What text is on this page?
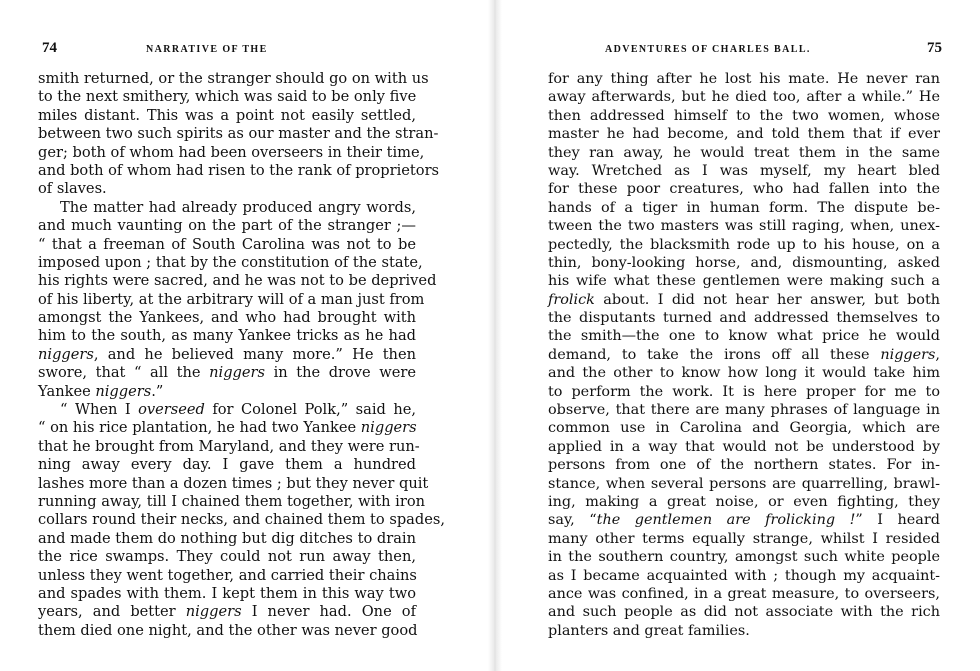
74	NARRATIVE OF THE
smith returned, or the stranger should go on with us
to the next smithery, which was said to be only five
miles distant. This was a point not easily settled,
between two such spirits as our master and the stran-
ger; both of whom had been overseers in their time,
and both of whom had risen to the rank of proprietors
of slaves.
The matter had already produced angry words,
and much vaunting on the part of the stranger ;—
“ that a freeman of South Carolina was not to be
imposed upon ; that by the constitution of the state,
his rights were sacred, and he was not to be deprived
of his liberty, at the arbitrary will of a man just from
amongst the Yankees, and who had brought with
him to the south, as many Yankee tricks as he had
niggers, and he believed many more.” He then
swore, that “ all the niggers in the drove were
Yankee niggers.”
“ When I overseed for Colonel Polk,” said he,
“ on his rice plantation, he had two Yankee niggers
that he brought from Maryland, and they were run-
ning away every day. I gave them a hundred
lashes more than a dozen times ; but they never quit
running away, till I chained them together, with iron
collars round their necks, and chained them to spades,
and made them do nothing but dig ditches to drain
the rice swamps. They could not run away then,
unless they went together, and carried their chains
and spades with them. I kept them in this way two
years, and better niggers I never had. One of
them died one night, and the other was never good
ADVENTURES OF CHARLES BALL.	75
for any thing after he lost his mate. He never ran
away afterwards, but he died too, after a while.” He
then addressed himself to the two women, whose
master he had become, and told them that if ever
they ran away, he would treat them in the same
way. Wretched as I was myself, my heart bled
for these poor creatures, who had fallen into the
hands of a tiger in human form. The dispute be-
tween the two masters was still raging, when, unex-
pectedly, the blacksmith rode up to his house, on a
thin, bony-looking horse, and, dismounting, asked
his wife what these gentlemen were making such a
frolick about. I did not hear her answer, but both
the disputants turned and addressed themselves to
the smith—the one to know what price he would
demand, to take the irons off all these niggers,
and the other to know how long it would take him
to perform the work. It is here proper for me to
observe, that there are many phrases of language in
common use in Carolina and Georgia, which are
applied in a way that would not be understood by
persons from one of the northern states. For in-
stance, when several persons are quarrelling, brawl-
ing, making a great noise, or even fighting, they
say, “the gentlemen are frolicking !” I heard
many other terms equally strange, whilst I resided
in the southern country, amongst such white people
as I became acquainted with ; though my acquaint-
ance was confined, in a great measure, to overseers,
and such people as did not associate with the rich
planters and great families.
